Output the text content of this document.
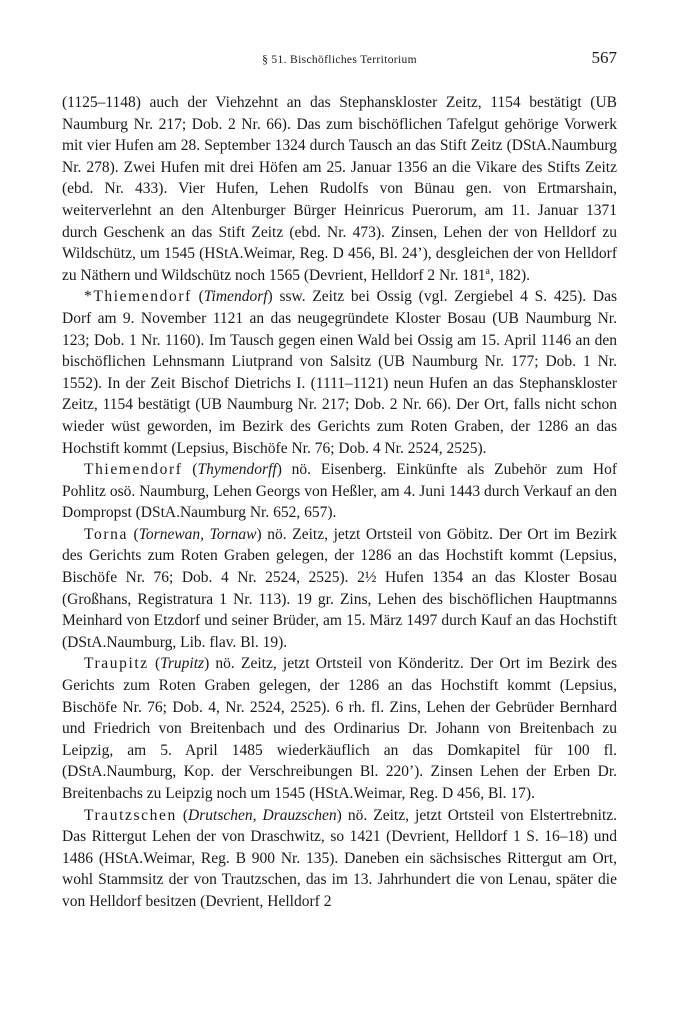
§ 51. Bischöfliches Territorium	567

(1125–1148) auch der Viehzehnt an das Stephanskloster Zeitz, 1154 bestätigt (UB Naumburg Nr. 217; Dob. 2 Nr. 66). Das zum bischöflichen Tafelgut gehörige Vorwerk mit vier Hufen am 28. September 1324 durch Tausch an das Stift Zeitz (DStA.Naumburg Nr. 278). Zwei Hufen mit drei Höfen am 25. Januar 1356 an die Vikare des Stifts Zeitz (ebd. Nr. 433). Vier Hufen, Lehen Rudolfs von Bünau gen. von Ertmarshain, weiterverlehnt an den Altenburger Bürger Heinricus Puerorum, am 11. Januar 1371 durch Geschenk an das Stift Zeitz (ebd. Nr. 473). Zinsen, Lehen der von Helldorf zu Wildschütz, um 1545 (HStA.Weimar, Reg. D 456, Bl. 24’), desgleichen der von Helldorf zu Näthern und Wildschütz noch 1565 (Devrient, Helldorf 2 Nr. 181$^a$, 182).

*Thiemendorf (Timendorf) ssw. Zeitz bei Ossig (vgl. Zergiebel 4 S. 425). Das Dorf am 9. November 1121 an das neugegründete Kloster Bosau (UB Naumburg Nr. 123; Dob. 1 Nr. 1160). Im Tausch gegen einen Wald bei Ossig am 15. April 1146 an den bischöflichen Lehnsmann Liutprand von Salsitz (UB Naumburg Nr. 177; Dob. 1 Nr. 1552). In der Zeit Bischof Dietrichs I. (1111–1121) neun Hufen an das Stephanskloster Zeitz, 1154 bestätigt (UB Naumburg Nr. 217; Dob. 2 Nr. 66). Der Ort, falls nicht schon wieder wüst geworden, im Bezirk des Gerichts zum Roten Graben, der 1286 an das Hochstift kommt (Lepsius, Bischöfe Nr. 76; Dob. 4 Nr. 2524, 2525).

Thiemendorf (Thymendorff) nö. Eisenberg. Einkünfte als Zubehör zum Hof Pohlitz osö. Naumburg, Lehen Georgs von Heßler, am 4. Juni 1443 durch Verkauf an den Dompropst (DStA.Naumburg Nr. 652, 657).

Torna (Tornewan, Tornaw) nö. Zeitz, jetzt Ortsteil von Göbitz. Der Ort im Bezirk des Gerichts zum Roten Graben gelegen, der 1286 an das Hochstift kommt (Lepsius, Bischöfe Nr. 76; Dob. 4 Nr. 2524, 2525). 2½ Hufen 1354 an das Kloster Bosau (Großhans, Registratura 1 Nr. 113). 19 gr. Zins, Lehen des bischöflichen Hauptmanns Meinhard von Etzdorf und seiner Brüder, am 15. März 1497 durch Kauf an das Hochstift (DStA.Naumburg, Lib. flav. Bl. 19).

Traupitz (Trupitz) nö. Zeitz, jetzt Ortsteil von Könderitz. Der Ort im Bezirk des Gerichts zum Roten Graben gelegen, der 1286 an das Hochstift kommt (Lepsius, Bischöfe Nr. 76; Dob. 4, Nr. 2524, 2525). 6 rh. fl. Zins, Lehen der Gebrüder Bernhard und Friedrich von Breitenbach und des Ordinarius Dr. Johann von Breitenbach zu Leipzig, am 5. April 1485 wiederkäuflich an das Domkapitel für 100 fl. (DStA.Naumburg, Kop. der Verschreibungen Bl. 220’). Zinsen Lehen der Erben Dr. Breitenbachs zu Leipzig noch um 1545 (HStA.Weimar, Reg. D 456, Bl. 17).

Trautzschen (Drutschen, Drauzschen) nö. Zeitz, jetzt Ortsteil von Elstertrebnitz. Das Rittergut Lehen der von Draschwitz, so 1421 (Devrient, Helldorf 1 S. 16–18) und 1486 (HStA.Weimar, Reg. B 900 Nr. 135). Daneben ein sächsisches Rittergut am Ort, wohl Stammsitz der von Trautzschen, das im 13. Jahrhundert die von Lenau, später die von Helldorf besitzen (Devrient, Helldorf 2
